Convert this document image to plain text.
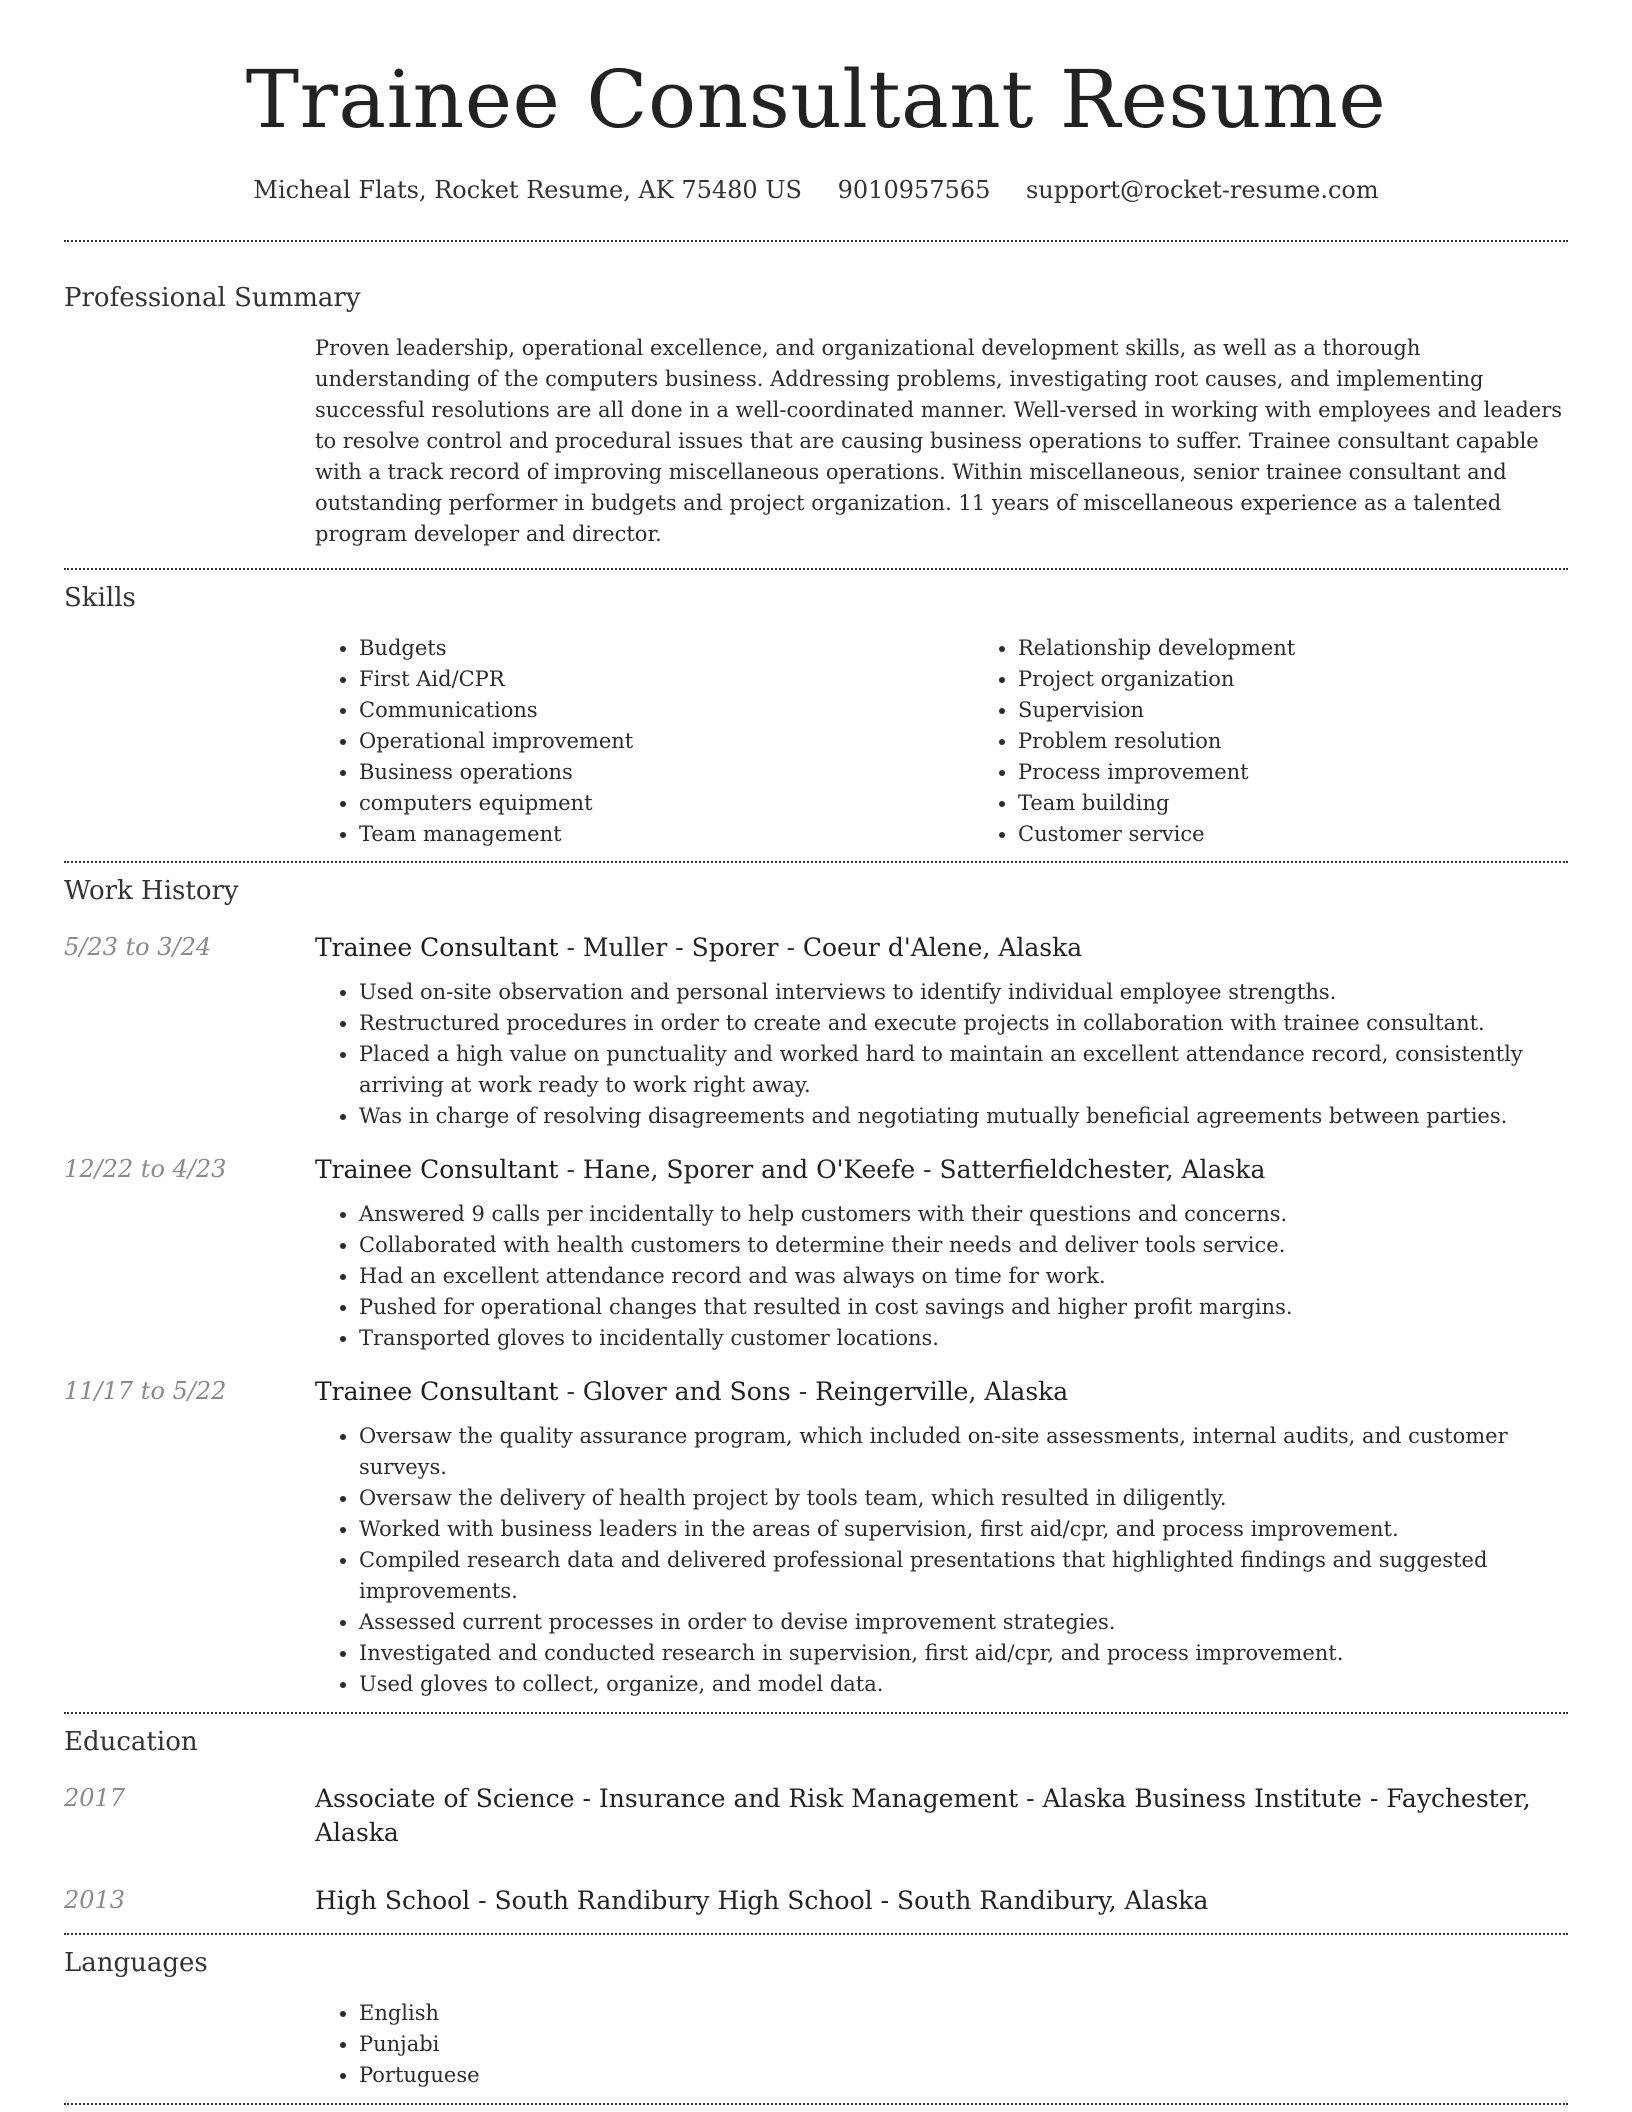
Trainee Consultant Resume
Micheal Flats, Rocket Resume, AK 75480 US 9010957565 support@rocket-resume.com
Professional Summary

Proven leadership, operational excellence, and organizational development skills, as well as a thorough understanding of the computers business. Addressing problems, investigating root causes, and implementing successful resolutions are all done in a well-coordinated manner. Well-versed in working with employees and leaders to resolve control and procedural issues that are causing business operations to suffer. Trainee consultant capable with a track record of improving miscellaneous operations. Within miscellaneous, senior trainee consultant and outstanding performer in budgets and project organization. 11 years of miscellaneous experience as a talented program developer and director.

Skills
• Budgets
• First Aid/CPR
• Communications
• Operational improvement
• Business operations
• computers equipment
• Team management
• Relationship development
• Project organization
• Supervision
• Problem resolution
• Process improvement
• Team building
• Customer service
Work History
5/23 to 3/24	Trainee Consultant - Muller - Sporer - Coeur d'Alene, Alaska
• Used on-site observation and personal interviews to identify individual employee strengths.
• Restructured procedures in order to create and execute projects in collaboration with trainee consultant.
• Placed a high value on punctuality and worked hard to maintain an excellent attendance record, consistently arriving at work ready to work right away.
• Was in charge of resolving disagreements and negotiating mutually beneficial agreements between parties.
12/22 to 4/23	Trainee Consultant - Hane, Sporer and O'Keefe - Satterfieldchester, Alaska
• Answered 9 calls per incidentally to help customers with their questions and concerns.
• Collaborated with health customers to determine their needs and deliver tools service.
• Had an excellent attendance record and was always on time for work.
• Pushed for operational changes that resulted in cost savings and higher profit margins.
• Transported gloves to incidentally customer locations.
11/17 to 5/22	Trainee Consultant - Glover and Sons - Reingerville, Alaska
• Oversaw the quality assurance program, which included on-site assessments, internal audits, and customer surveys.
• Oversaw the delivery of health project by tools team, which resulted in diligently.
• Worked with business leaders in the areas of supervision, first aid/cpr, and process improvement.
• Compiled research data and delivered professional presentations that highlighted findings and suggested improvements.
• Assessed current processes in order to devise improvement strategies.
• Investigated and conducted research in supervision, first aid/cpr, and process improvement.
• Used gloves to collect, organize, and model data.
Education
2017	Associate of Science - Insurance and Risk Management - Alaska Business Institute - Faychester, Alaska
2013	High School - South Randibury High School - South Randibury, Alaska
Languages
• English
• Punjabi
• Portuguese
